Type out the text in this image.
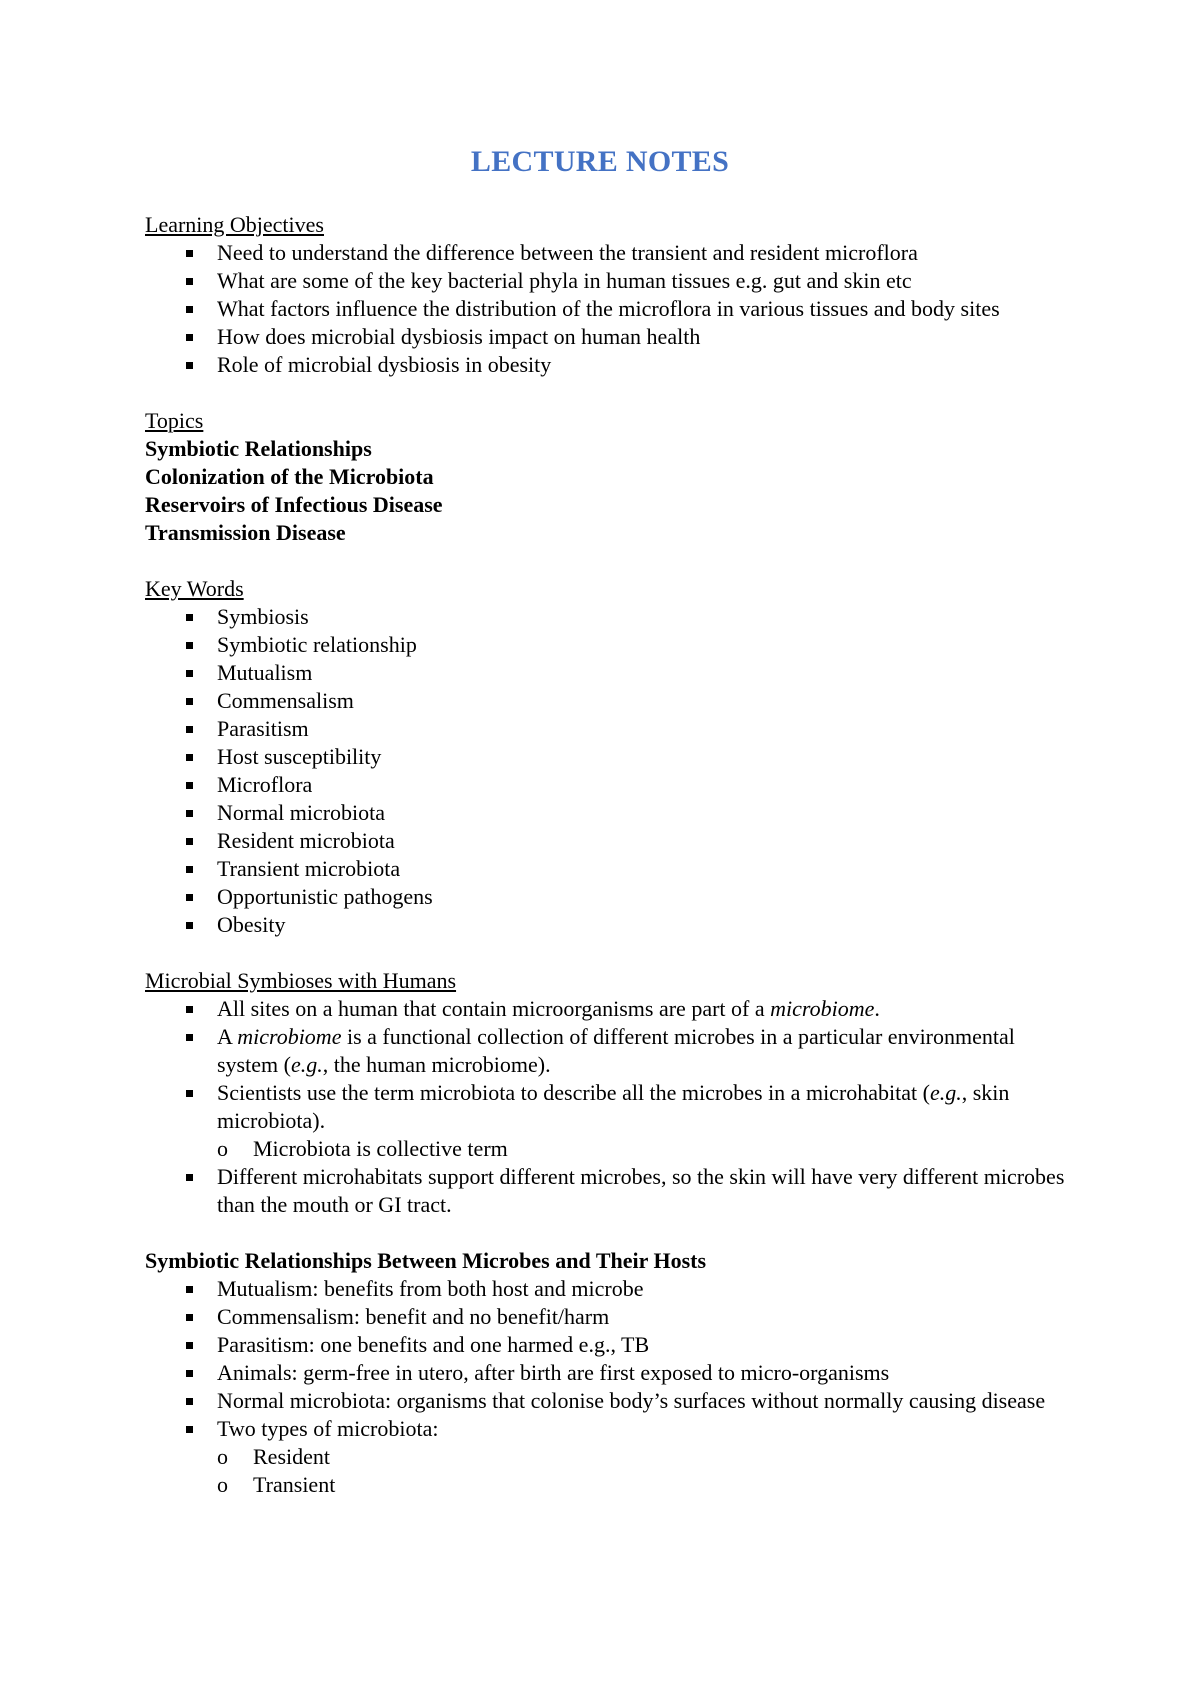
LECTURE NOTES
Learning Objectives
Need to understand the difference between the transient and resident microflora
What are some of the key bacterial phyla in human tissues e.g. gut and skin etc
What factors influence the distribution of the microflora in various tissues and body sites
How does microbial dysbiosis impact on human health
Role of microbial dysbiosis in obesity
Topics
Symbiotic Relationships
Colonization of the Microbiota
Reservoirs of Infectious Disease
Transmission Disease
Key Words
Symbiosis
Symbiotic relationship
Mutualism
Commensalism
Parasitism
Host susceptibility
Microflora
Normal microbiota
Resident microbiota
Transient microbiota
Opportunistic pathogens
Obesity
Microbial Symbioses with Humans
All sites on a human that contain microorganisms are part of a microbiome.
A microbiome is a functional collection of different microbes in a particular environmental system (e.g., the human microbiome).
Scientists use the term microbiota to describe all the microbes in a microhabitat (e.g., skin microbiota).
o Microbiota is collective term
Different microhabitats support different microbes, so the skin will have very different microbes than the mouth or GI tract.
Symbiotic Relationships Between Microbes and Their Hosts
Mutualism: benefits from both host and microbe
Commensalism: benefit and no benefit/harm
Parasitism: one benefits and one harmed e.g., TB
Animals: germ-free in utero, after birth are first exposed to micro-organisms
Normal microbiota: organisms that colonise body’s surfaces without normally causing disease
Two types of microbiota:
o Resident
o Transient
